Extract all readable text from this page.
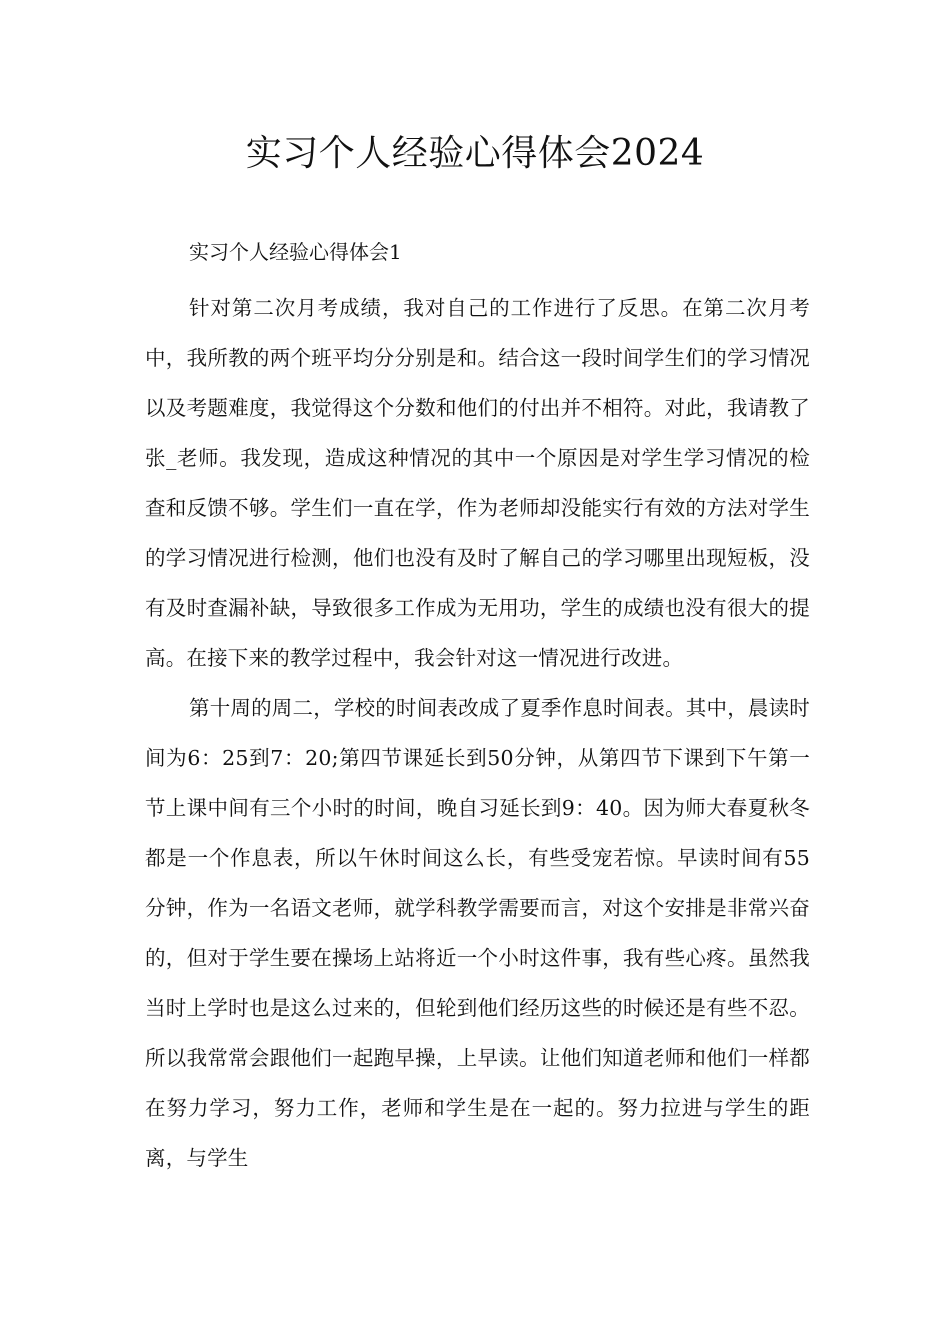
实习个人经验心得体会2024
实习个人经验心得体会1

针对第二次月考成绩，我对自己的工作进行了反思。在第二次月考中，我所教的两个班平均分分别是和。结合这一段时间学生们的学习情况以及考题难度，我觉得这个分数和他们的付出并不相符。对此，我请教了张_老师。我发现，造成这种情况的其中一个原因是对学生学习情况的检查和反馈不够。学生们一直在学，作为老师却没能实行有效的方法对学生的学习情况进行检测，他们也没有及时了解自己的学习哪里出现短板，没有及时查漏补缺，导致很多工作成为无用功，学生的成绩也没有很大的提高。在接下来的教学过程中，我会针对这一情况进行改进。

第十周的周二，学校的时间表改成了夏季作息时间表。其中，晨读时间为6：25到7：20;第四节课延长到50分钟，从第四节下课到下午第一节上课中间有三个小时的时间，晚自习延长到9：40。因为师大春夏秋冬都是一个作息表，所以午休时间这么长，有些受宠若惊。早读时间有55分钟，作为一名语文老师，就学科教学需要而言，对这个安排是非常兴奋的，但对于学生要在操场上站将近一个小时这件事，我有些心疼。虽然我当时上学时也是这么过来的，但轮到他们经历这些的时候还是有些不忍。所以我常常会跟他们一起跑早操，上早读。让他们知道老师和他们一样都在努力学习，努力工作，老师和学生是在一起的。努力拉进与学生的距离，与学生
